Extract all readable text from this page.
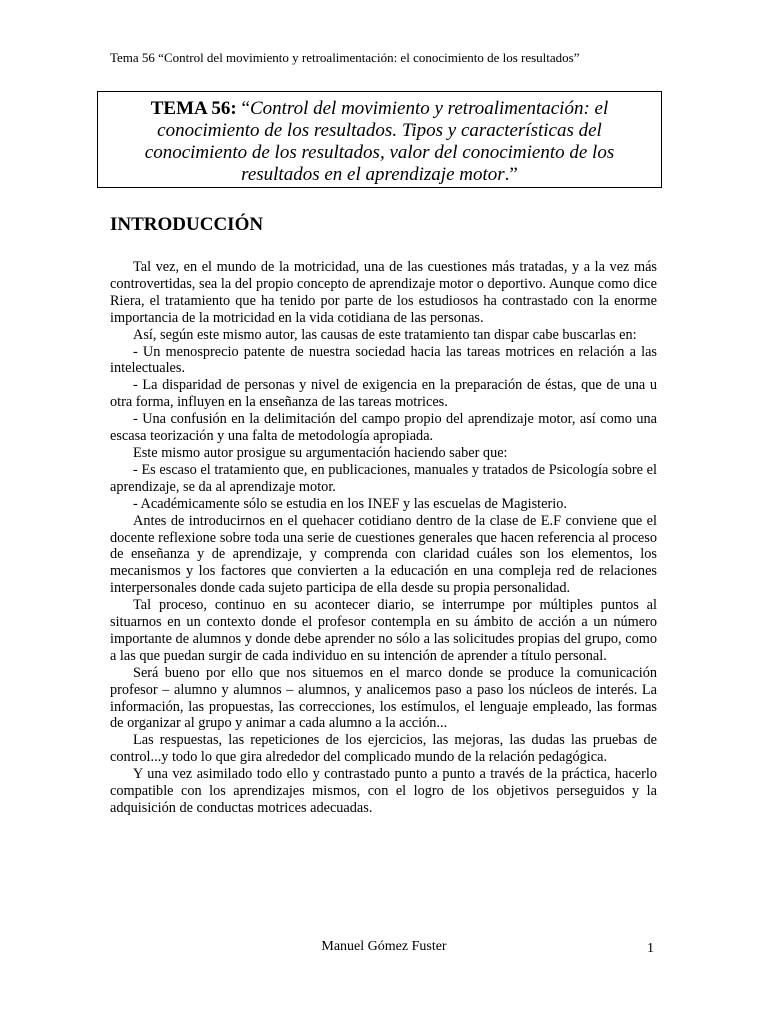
Tema 56 “Control del movimiento y retroalimentación: el conocimiento de los resultados”
TEMA 56: “Control del movimiento y retroalimentación: el conocimiento de los resultados. Tipos y características del conocimiento de los resultados, valor del conocimiento de los resultados en el aprendizaje motor.”
INTRODUCCIÓN

Tal vez, en el mundo de la motricidad, una de las cuestiones más tratadas, y a la vez más controvertidas, sea la del propio concepto de aprendizaje motor o deportivo. Aunque como dice Riera, el tratamiento que ha tenido por parte de los estudiosos ha contrastado con la enorme importancia de la motricidad en la vida cotidiana de las personas.

Así, según este mismo autor, las causas de este tratamiento tan dispar cabe buscarlas en:

- Un menosprecio patente de nuestra sociedad hacia las tareas motrices en relación a las intelectuales.

- La disparidad de personas y nivel de exigencia en la preparación de éstas, que de una u otra forma, influyen en la enseñanza de las tareas motrices.

- Una confusión en la delimitación del campo propio del aprendizaje motor, así como una escasa teorización y una falta de metodología apropiada.

Este mismo autor prosigue su argumentación haciendo saber que:

- Es escaso el tratamiento que, en publicaciones, manuales y tratados de Psicología sobre el aprendizaje, se da al aprendizaje motor.

- Académicamente sólo se estudia en los INEF y las escuelas de Magisterio.

Antes de introducirnos en el quehacer cotidiano dentro de la clase de E.F conviene que el docente reflexione sobre toda una serie de cuestiones generales que hacen referencia al proceso de enseñanza y de aprendizaje, y comprenda con claridad cuáles son los elementos, los mecanismos y los factores que convierten a la educación en una compleja red de relaciones interpersonales donde cada sujeto participa de ella desde su propia personalidad.

Tal proceso, continuo en su acontecer diario, se interrumpe por múltiples puntos al situarnos en un contexto donde el profesor contempla en su ámbito de acción a un número importante de alumnos y donde debe aprender no sólo a las solicitudes propias del grupo, como a las que puedan surgir de cada individuo en su intención de aprender a título personal.

Será bueno por ello que nos situemos en el marco donde se produce la comunicación profesor – alumno y alumnos – alumnos, y analicemos paso a paso los núcleos de interés. La información, las propuestas, las correcciones, los estímulos, el lenguaje empleado, las formas de organizar al grupo y animar a cada alumno a la acción...

Las respuestas, las repeticiones de los ejercicios, las mejoras, las dudas las pruebas de control...y todo lo que gira alrededor del complicado mundo de la relación pedagógica.

Y una vez asimilado todo ello y contrastado punto a punto a través de la práctica, hacerlo compatible con los aprendizajes mismos, con el logro de los objetivos perseguidos y la adquisición de conductas motrices adecuadas.

Manuel Gómez Fuster	1
